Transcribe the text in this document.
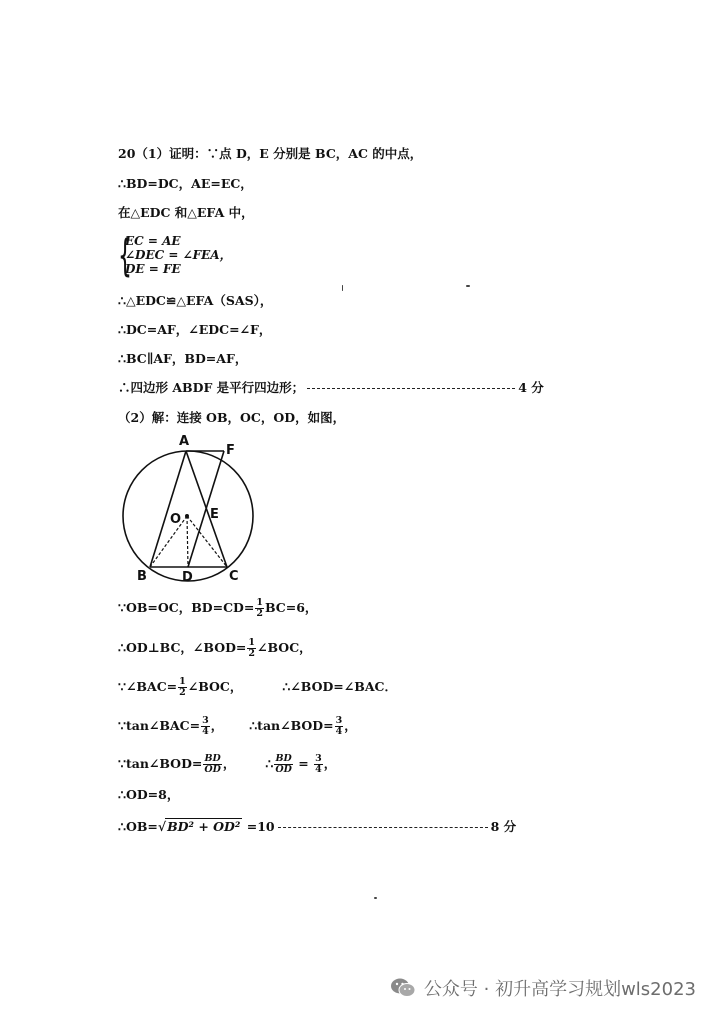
20（1）证明：∵点 D，E 分别是 BC，AC 的中点，
∴BD=DC，AE=EC，
在△EDC 和△EFA 中，
{
EC = AE
∠DEC = ∠FEA，
DE = FE
∴△EDC≌△EFA（SAS），
∴DC=AF，∠EDC=∠F，
∴BC∥AF，BD=AF，
∴四边形 ABDF 是平行四边形；	4 分
（2）解：连接 OB，OC，OD，如图，
A
F
O E
B	D	C
∵OB=OC，$BD=CD= \frac{1}{2} BC=6$，
∴OD⊥BC，∠BOD= $\frac{1}{2}$ ∠BOC，
∵∠BAC= $\frac{1}{2}$ ∠BOC，	∴∠BOD=∠BAC．
∵tan∠BAC= $\frac{3}{4}$ ， ∴tan∠BOD= $\frac{3}{4}$ ，
∵tan∠BOD= $\frac{BD}{OD}$ ， ∴ $\frac{BD}{OD} = \frac{3}{4}$ ，
∴OD=8，
∴OB=√BD² + OD² =10	8 分
公众号 · 初升高学习规划wls2023
